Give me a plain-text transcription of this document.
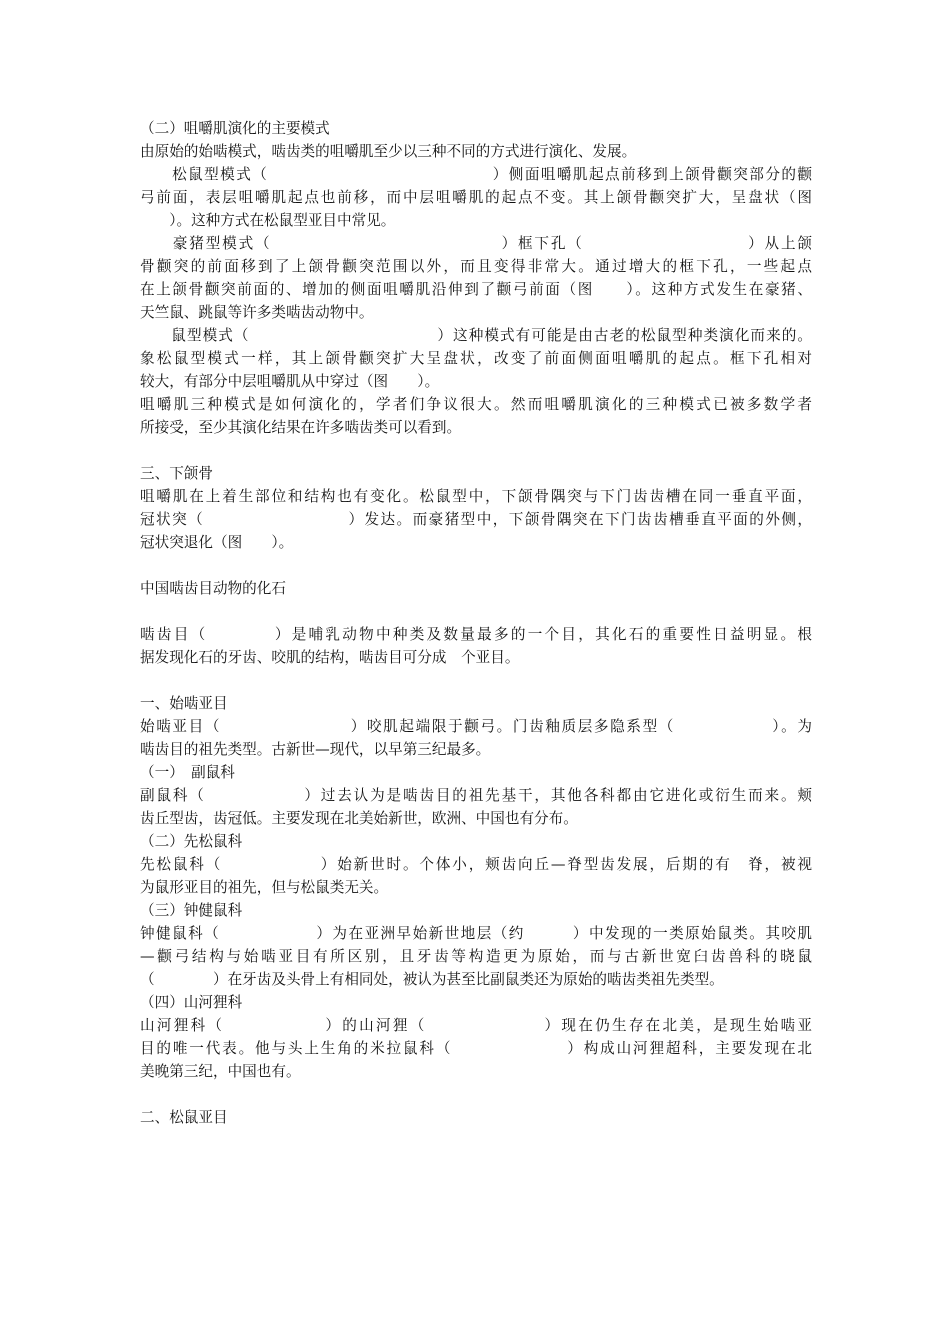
（二）咀嚼肌演化的主要模式
由原始的始啮模式，啮齿类的咀嚼肌至少以三种不同的方式进行演化、发展。
　　松鼠型模式（　　　　　　　　　　　　　　）侧面咀嚼肌起点前移到上颌骨颧突部分的颧
弓前面，表层咀嚼肌起点也前移，而中层咀嚼肌的起点不变。其上颌骨颧突扩大，呈盘状（图
　　）。这种方式在松鼠型亚目中常见。
　　豪猪型模式（　　　　　　　　　　　　　　）框下孔（　　　　　　　　　　）从上颌
骨颧突的前面移到了上颌骨颧突范围以外，而且变得非常大。通过增大的框下孔，一些起点
在上颌骨颧突前面的、增加的侧面咀嚼肌沿伸到了颧弓前面（图　　）。这种方式发生在豪猪、
天竺鼠、跳鼠等许多类啮齿动物中。
　　鼠型模式（　　　　　　　　　　　　）这种模式有可能是由古老的松鼠型种类演化而来的。
象松鼠型模式一样，其上颌骨颧突扩大呈盘状，改变了前面侧面咀嚼肌的起点。框下孔相对
较大，有部分中层咀嚼肌从中穿过（图　　）。
咀嚼肌三种模式是如何演化的，学者们争议很大。然而咀嚼肌演化的三种模式已被多数学者
所接受，至少其演化结果在许多啮齿类可以看到。
三、下颌骨
咀嚼肌在上着生部位和结构也有变化。松鼠型中，下颌骨隅突与下门齿齿槽在同一垂直平面，
冠状突（　　　　　　　　　）发达。而豪猪型中，下颌骨隅突在下门齿齿槽垂直平面的外侧，
冠状突退化（图　　）。
中国啮齿目动物的化石
啮齿目（　　　　）是哺乳动物中种类及数量最多的一个目，其化石的重要性日益明显。根
据发现化石的牙齿、咬肌的结构，啮齿目可分成　个亚目。
一、始啮亚目
始啮亚目（　　　　　　　　）咬肌起端限于颧弓。门齿釉质层多隐系型（　　　　　　）。为
啮齿目的祖先类型。古新世—现代，以早第三纪最多。
（一）　副鼠科
副鼠科（　　　　　　）过去认为是啮齿目的祖先基干，其他各科都由它进化或衍生而来。颊
齿丘型齿，齿冠低。主要发现在北美始新世，欧洲、中国也有分布。
（二）先松鼠科
先松鼠科（　　　　　　）始新世时。个体小，颊齿向丘—脊型齿发展，后期的有　脊，被视
为鼠形亚目的祖先，但与松鼠类无关。
（三）钟健鼠科
钟健鼠科（　　　　　　）为在亚洲早始新世地层（约　　　）中发现的一类原始鼠类。其咬肌
—颧弓结构与始啮亚目有所区别，且牙齿等构造更为原始，而与古新世宽臼齿兽科的晓鼠
（　　　　）在牙齿及头骨上有相同处，被认为甚至比副鼠类还为原始的啮齿类祖先类型。
（四）山河狸科
山河狸科（　　　　　　）的山河狸（　　　　　　　）现在仍生存在北美，是现生始啮亚
目的唯一代表。他与头上生角的米拉鼠科（　　　　　　　）构成山河狸超科，主要发现在北
美晚第三纪，中国也有。
二、松鼠亚目
